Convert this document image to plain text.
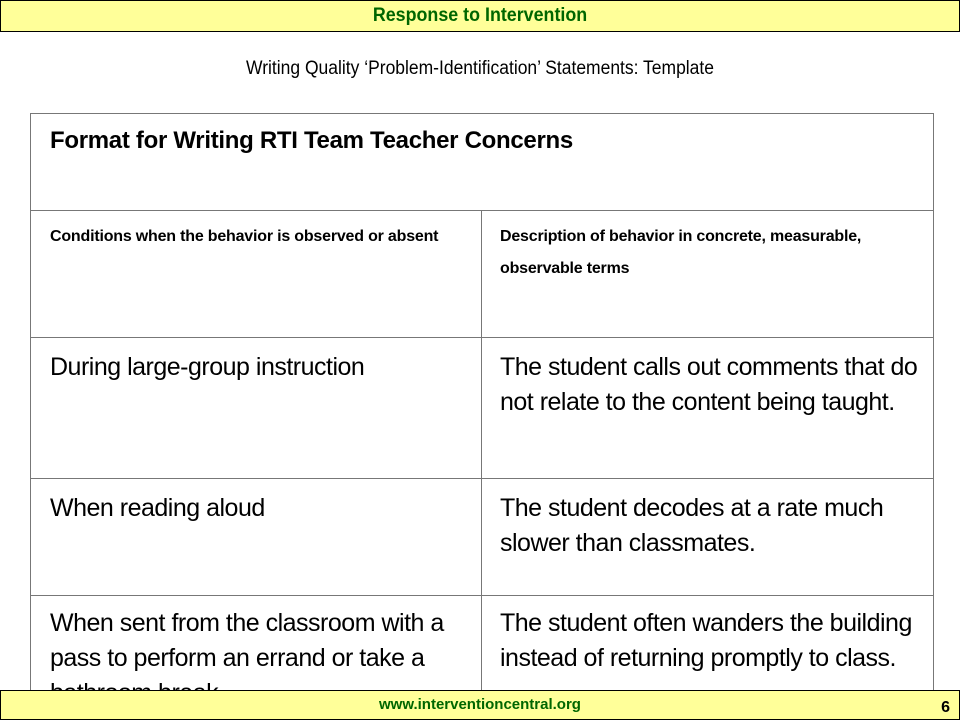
Response to Intervention
Writing Quality ‘Problem-Identification’ Statements: Template
Format for Writing RTI Team Teacher Concerns	

Conditions when the behavior is observed or absent	Description of behavior in concrete, measurable, observable terms

During large-group instruction	The student calls out comments that do not relate to the content being taught.

When reading aloud	The student decodes at a rate much slower than classmates.

When sent from the classroom with a pass to perform an errand or take a	The student often wanders the building instead of returning promptly to class.
www.interventioncentral.org	6
